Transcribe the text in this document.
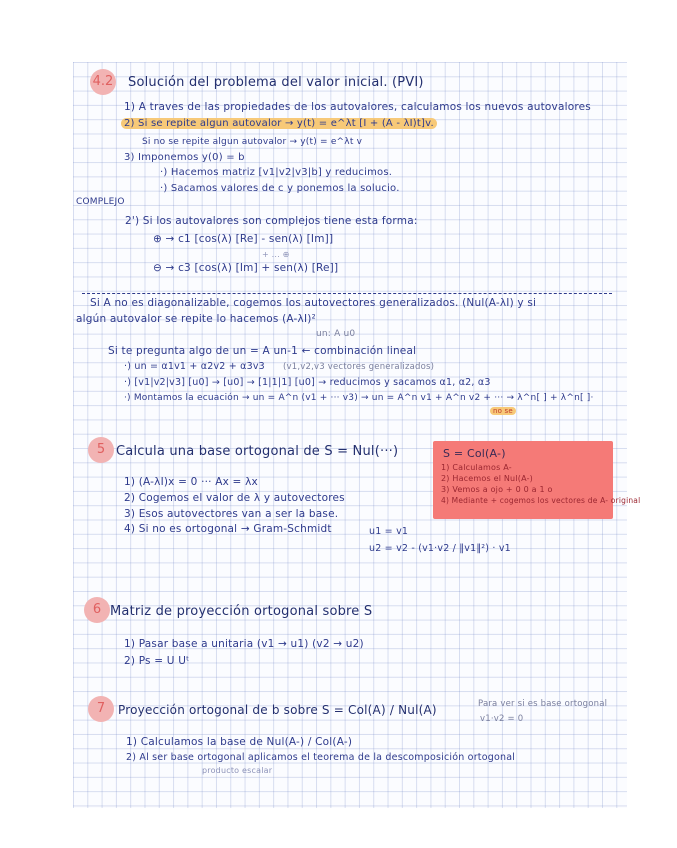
4.2 Solución del problema del valor inicial. (PVI)
1) A traves de las propiedades de los autovalores, calculamos los nuevos autovalores
2) Si se repite algun autovalor → y(t) = e^λt [I + (A - λI)t]v.
Si no se repite algun autovalor → y(t) = e^λt v
3) Imponemos y(0) = b
·) Hacemos matriz [v1|v2|v3|b] y reducimos.
·) Sacamos valores de c y ponemos la solucio.
COMPLEJO
2') Si los autovalores son complejos tiene esta forma:
⊕ → c1 [cos(λ) [Re] - sen(λ) [Im]]
+ ... ⊕
⊖ → c3 [cos(λ) [Im] + sen(λ) [Re]]
Si A no es diagonalizable, cogemos los autovectores generalizados. (Nul(A-λI) y si
algún autovalor se repite lo hacemos (A-λI)²
un: A u0
Si te pregunta algo de un = A un-1 ← combinación lineal
·) un = α1v1 + α2v2 + α3v3 (v1,v2,v3 vectores generalizados)
·) [v1|v2|v3] [u0] → [u0] → [1|1|1] [u0] → reducimos y sacamos α1, α2, α3
·) Montamos la ecuación → un = A^n (v1 + ··· v3) → un = A^n v1 + A^n v2 + ··· → λ^n[ ] + λ^n[ ]·
no se
5 Calcula una base ortogonal de S = Nul(···)
1) (A-λI)x = 0 ··· Ax = λx
2) Cogemos el valor de λ y autovectores
3) Esos autovectores van a ser la base.
4) Si no es ortogonal → Gram-Schmidt	u1 = v1
u2 = v2 - (v1·v2 / ‖v1‖²) · v1
S = Col(A-)
1) Calculamos A-
2) Hacemos el Nul(A-)
3) Vemos a ojo + 0 0 a 1 o
4) Mediante + cogemos los vectores de A- original
6 Matriz de proyección ortogonal sobre S
1) Pasar base a unitaria (v1 → u1) (v2 → u2)
2) Ps = U Uᵗ
7	Proyección ortogonal de b sobre S = Col(A) / Nul(A)	Para ver si es base ortogonal
v1·v2 = 0
1) Calculamos la base de Nul(A-) / Col(A-)
2) Al ser base ortogonal aplicamos el teorema de la descomposición ortogonal
producto escalar
